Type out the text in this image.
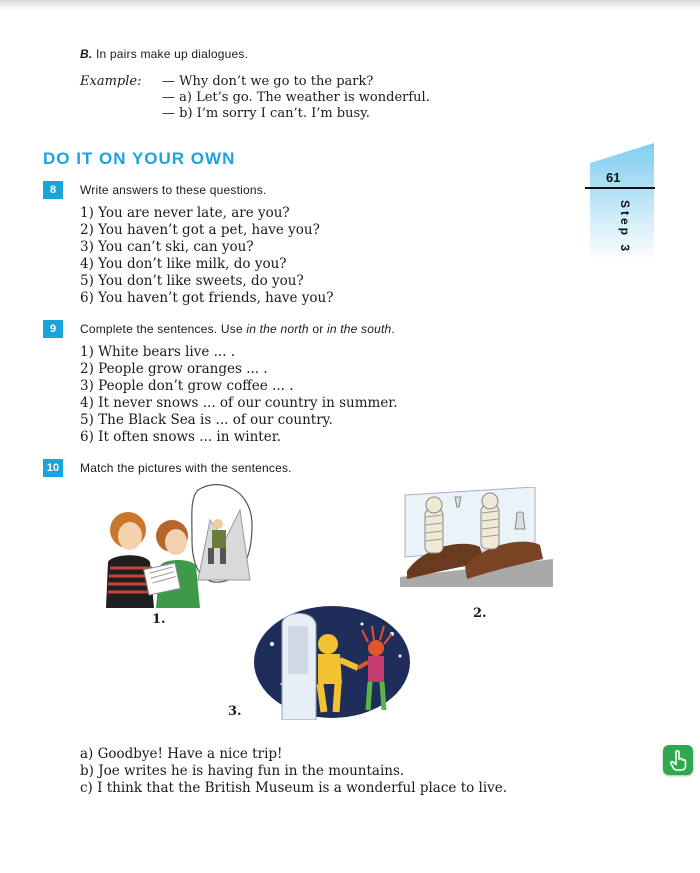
B. In pairs make up dialogues.
Example:	— Why don’t we go to the park?
— a) Let’s go. The weather is wonderful.
— b) I’m sorry I can’t. I’m busy.
DO IT ON YOUR OWN
61
Step 3
8	Write answers to these questions.
1) You are never late, are you?
2) You haven’t got a pet, have you?
3) You can’t ski, can you?
4) You don’t like milk, do you?
5) You don’t like sweets, do you?
6) You haven’t got friends, have you?
9	Complete the sentences. Use in the north or in the south.
1) White bears live ... .
2) People grow oranges ... .
3) People don’t grow coffee ... .
4) It never snows ... of our country in summer.
5) The Black Sea is ... of our country.
6) It often snows ... in winter.
10	Match the pictures with the sentences.
1.	2.
3.
a) Goodbye! Have a nice trip!
b) Joe writes he is having fun in the mountains.
c) I think that the British Museum is a wonderful place to live.
